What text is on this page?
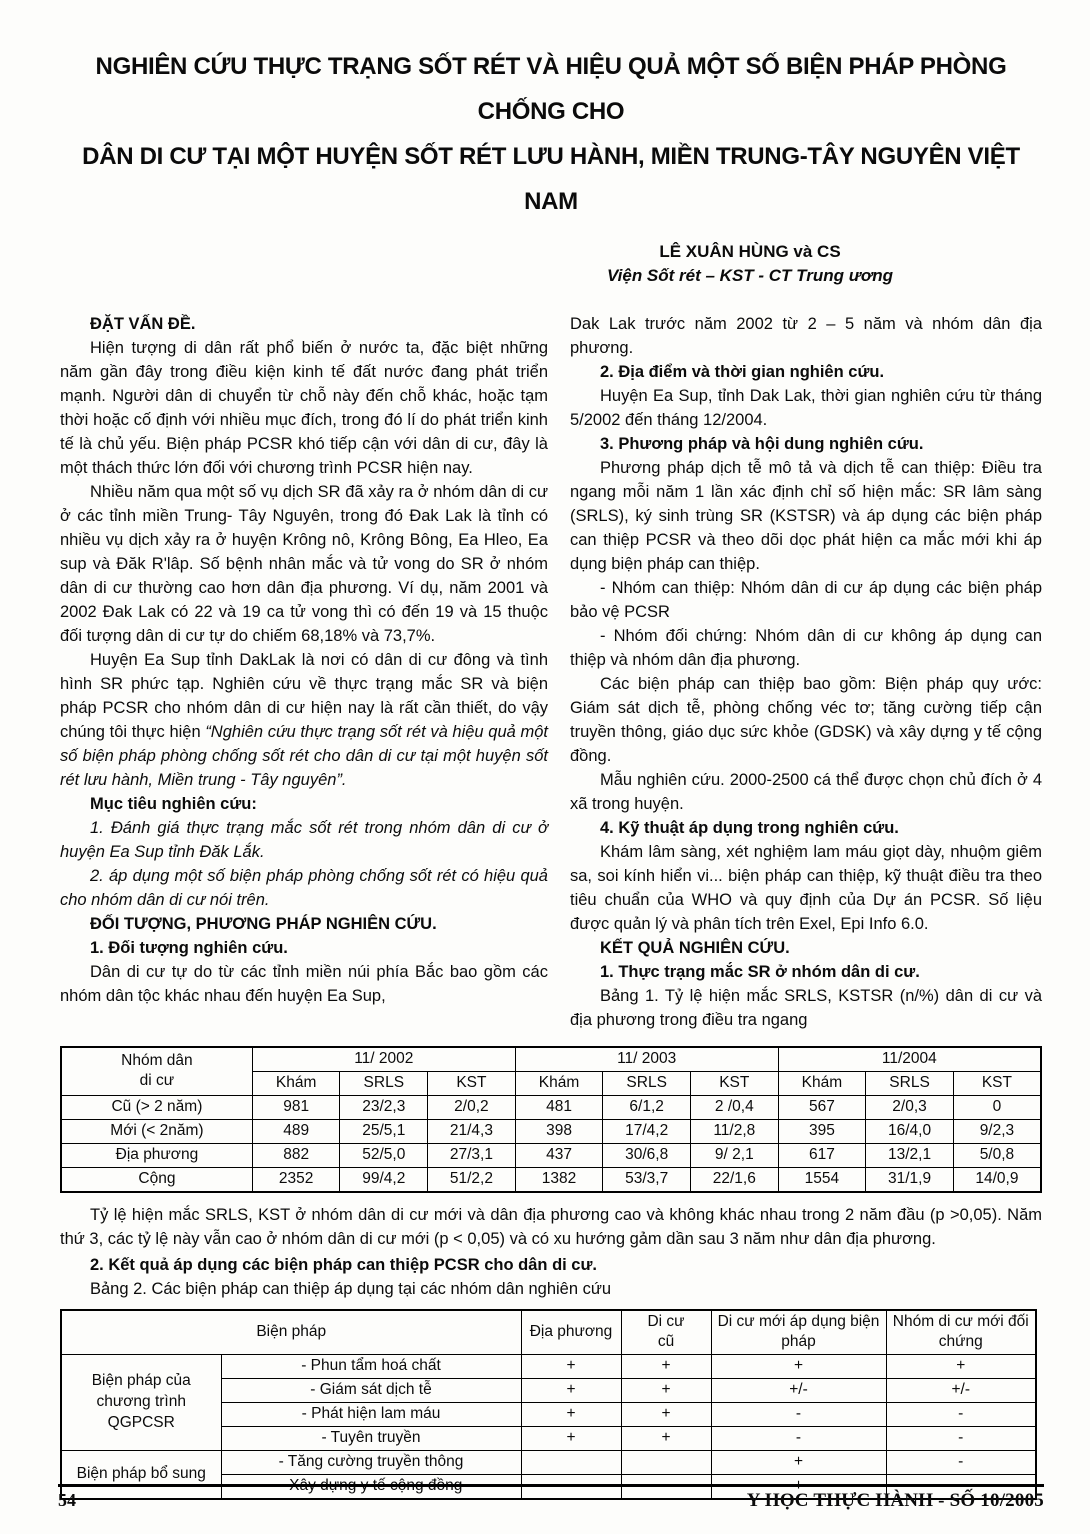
NGHIÊN CỨU THỰC TRẠNG SỐT RÉT VÀ HIỆU QUẢ MỘT SỐ BIỆN PHÁP PHÒNG CHỐNG CHO
DÂN DI CƯ TẠI MỘT HUYỆN SỐT RÉT LƯU HÀNH, MIỀN TRUNG-TÂY NGUYÊN VIỆT NAM
LÊ XUÂN HÙNG và CS
Viện Sốt rét – KST - CT Trung ương

ĐẶT VẤN ĐỀ.

Hiện tượng di dân rất phổ biến ở nước ta, đặc biệt những năm gần đây trong điều kiện kinh tế đất nước đang phát triển mạnh. Người dân di chuyển từ chỗ này đến chỗ khác, hoặc tạm thời hoặc cố định với nhiều mục đích, trong đó lí do phát triển kinh tế là chủ yếu. Biện pháp PCSR khó tiếp cận với dân di cư, đây là một thách thức lớn đối với chương trình PCSR hiện nay.

Nhiều năm qua một số vụ dịch SR đã xảy ra ở nhóm dân di cư ở các tỉnh miền Trung- Tây Nguyên, trong đó Đak Lak là tỉnh có nhiều vụ dịch xảy ra ở huyện Krông nô, Krông Bông, Ea Hleo, Ea sup và Đăk R'lâp. Số bệnh nhân mắc và tử vong do SR ở nhóm dân di cư thường cao hơn dân địa phương. Ví dụ, năm 2001 và 2002 Đak Lak có 22 và 19 ca tử vong thì có đến 19 và 15 thuộc đối tượng dân di cư tự do chiếm 68,18% và 73,7%.

Huyện Ea Sup tỉnh DakLak là nơi có dân di cư đông và tình hình SR phức tạp. Nghiên cứu về thực trạng mắc SR và biện pháp PCSR cho nhóm dân di cư hiện nay là rất cần thiết, do vậy chúng tôi thực hiện “Nghiên cứu thực trạng sốt rét và hiệu quả một số biện pháp phòng chống sốt rét cho dân di cư tại một huyện sốt rét lưu hành, Miền trung - Tây nguyên”.

Mục tiêu nghiên cứu:

1. Đánh giá thực trạng mắc sốt rét trong nhóm dân di cư ở huyện Ea Sup tỉnh Đăk Lắk.

2. áp dụng một số biện pháp phòng chống sốt rét có hiệu quả cho nhóm dân di cư nói trên.

ĐỐI TƯỢNG, PHƯƠNG PHÁP NGHIÊN CỨU.

1. Đối tượng nghiên cứu.

Dân di cư tự do từ các tỉnh miền núi phía Bắc bao gồm các nhóm dân tộc khác nhau đến huyện Ea Sup,

Dak Lak trước năm 2002 từ 2 – 5 năm và nhóm dân địa phương.

2. Địa điểm và thời gian nghiên cứu.

Huyện Ea Sup, tỉnh Dak Lak, thời gian nghiên cứu từ tháng 5/2002 đến tháng 12/2004.

3. Phương pháp và hội dung nghiên cứu.

Phương pháp dịch tễ mô tả và dịch tễ can thiệp: Điều tra ngang mỗi năm 1 lần xác định chỉ số hiện mắc: SR lâm sàng (SRLS), ký sinh trùng SR (KSTSR) và áp dụng các biện pháp can thiệp PCSR và theo dõi dọc phát hiện ca mắc mới khi áp dụng biện pháp can thiệp.

- Nhóm can thiệp: Nhóm dân di cư áp dụng các biện pháp bảo vệ PCSR

- Nhóm đối chứng: Nhóm dân di cư không áp dụng can thiệp và nhóm dân địa phương.

Các biện pháp can thiệp bao gồm: Biện pháp quy ước: Giám sát dịch tễ, phòng chống véc tơ; tăng cường tiếp cận truyền thông, giáo dục sức khỏe (GDSK) và xây dựng y tế cộng đồng.

Mẫu nghiên cứu. 2000-2500 cá thể được chọn chủ đích ở 4 xã trong huyện.

4. Kỹ thuật áp dụng trong nghiên cứu.

Khám lâm sàng, xét nghiệm lam máu giọt dày, nhuộm giêm sa, soi kính hiển vi... biện pháp can thiệp, kỹ thuật điều tra theo tiêu chuẩn của WHO và quy định của Dự án PCSR. Số liệu được quản lý và phân tích trên Exel, Epi Info 6.0.

KẾT QUẢ NGHIÊN CỨU.

1. Thực trạng mắc SR ở nhóm dân di cư.

Bảng 1. Tỷ lệ hiện mắc SRLS, KSTSR (n/%) dân di cư và địa phương trong điều tra ngang

Nhóm dân di cư	11/ 2002			11/ 2003			11/2004		
	Khám	SRLS	KST	Khám	SRLS	KST	Khám	SRLS	KST
Cũ (> 2 năm)	981	23/2,3	2/0,2	481	6/1,2	2 /0,4	567	2/0,3	0
Mới (< 2năm)	489	25/5,1	21/4,3	398	17/4,2	11/2,8	395	16/4,0	9/2,3
Địa phương	882	52/5,0	27/3,1	437	30/6,8	9/ 2,1	617	13/2,1	5/0,8
Cộng	2352	99/4,2	51/2,2	1382	53/3,7	22/1,6	1554	31/1,9	14/0,9

Tỷ lệ hiện mắc SRLS, KST ở nhóm dân di cư mới và dân địa phương cao và không khác nhau trong 2 năm đầu (p >0,05). Năm thứ 3, các tỷ lệ này vẫn cao ở nhóm dân di cư mới (p < 0,05) và có xu hướng gảm dần sau 3 năm như dân địa phương.

2. Kết quả áp dụng các biện pháp can thiệp PCSR cho dân di cư.

Bảng 2. Các biện pháp can thiệp áp dụng tại các nhóm dân nghiên cứu

Biện pháp		Địa phương	Di cư cũ	Di cư mới áp dụng biện pháp	Nhóm di cư mới đối chứng
Biện pháp của chương trình QGPCSR	- Phun tẩm hoá chất	+	+	+	+
	- Giám sát dịch tễ	+	+	+/-	+/-
	- Phát hiện lam máu	+	+	-	-
	- Tuyên truyền	+	+	-	-
Biện pháp bổ sung	- Tăng cường truyền thông			+	-
	- Xây dựng y tế cộng đồng			+	-
54	Y HỌC THỰC HÀNH - SỐ 10/2005
